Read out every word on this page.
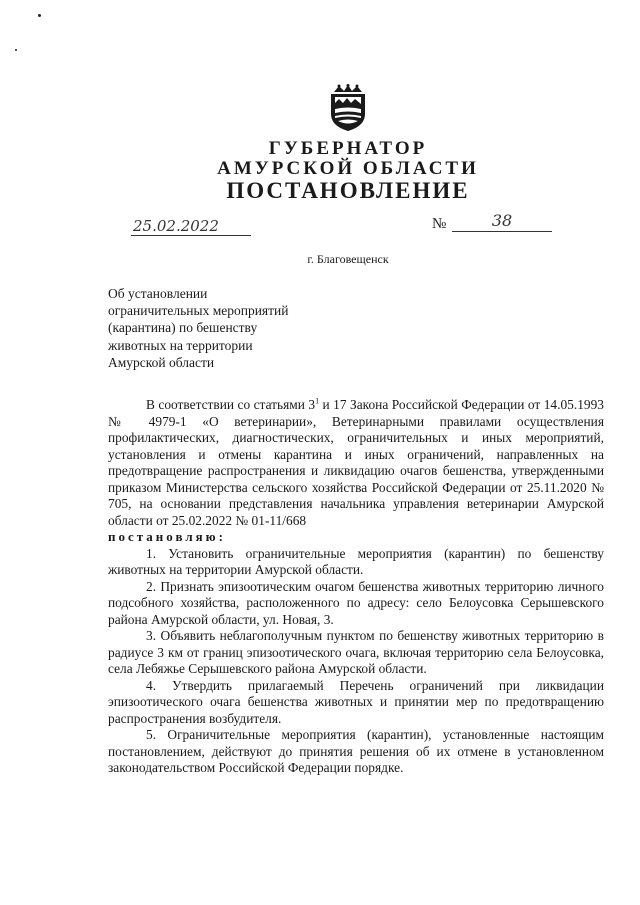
ГУБЕРНАТОР
АМУРСКОЙ ОБЛАСТИ
ПОСТАНОВЛЕНИЕ
25.02.2022	№	38
г. Благовещенск
Об установлении
ограничительных мероприятий
(карантина) по бешенству
животных на территории
Амурской области

В соответствии со статьями $3^1$ и 17 Закона Российской Федерации от 14.05.1993 № 4979-1 «О ветеринарии», Ветеринарными правилами осуществления профилактических, диагностических, ограничительных и иных мероприятий, установления и отмены карантина и иных ограничений, направленных на предотвращение распространения и ликвидацию очагов бешенства, утвержденными приказом Министерства сельского хозяйства Российской Федерации от 25.11.2020 № 705, на основании представления начальника управления ветеринарии Амурской области от 25.02.2022 № 01-11/668

постановляю:

1. Установить ограничительные мероприятия (карантин) по бешенству животных на территории Амурской области.

2. Признать эпизоотическим очагом бешенства животных территорию личного подсобного хозяйства, расположенного по адресу: село Белоусовка Серышевского района Амурской области, ул. Новая, 3.

3. Объявить неблагополучным пунктом по бешенству животных территорию в радиусе 3 км от границ эпизоотического очага, включая территорию села Белоусовка, села Лебяжье Серышевского района Амурской области.

4. Утвердить прилагаемый Перечень ограничений при ликвидации эпизоотического очага бешенства животных и принятии мер по предотвращению распространения возбудителя.

5. Ограничительные мероприятия (карантин), установленные настоящим постановлением, действуют до принятия решения об их отмене в установленном законодательством Российской Федерации порядке.
